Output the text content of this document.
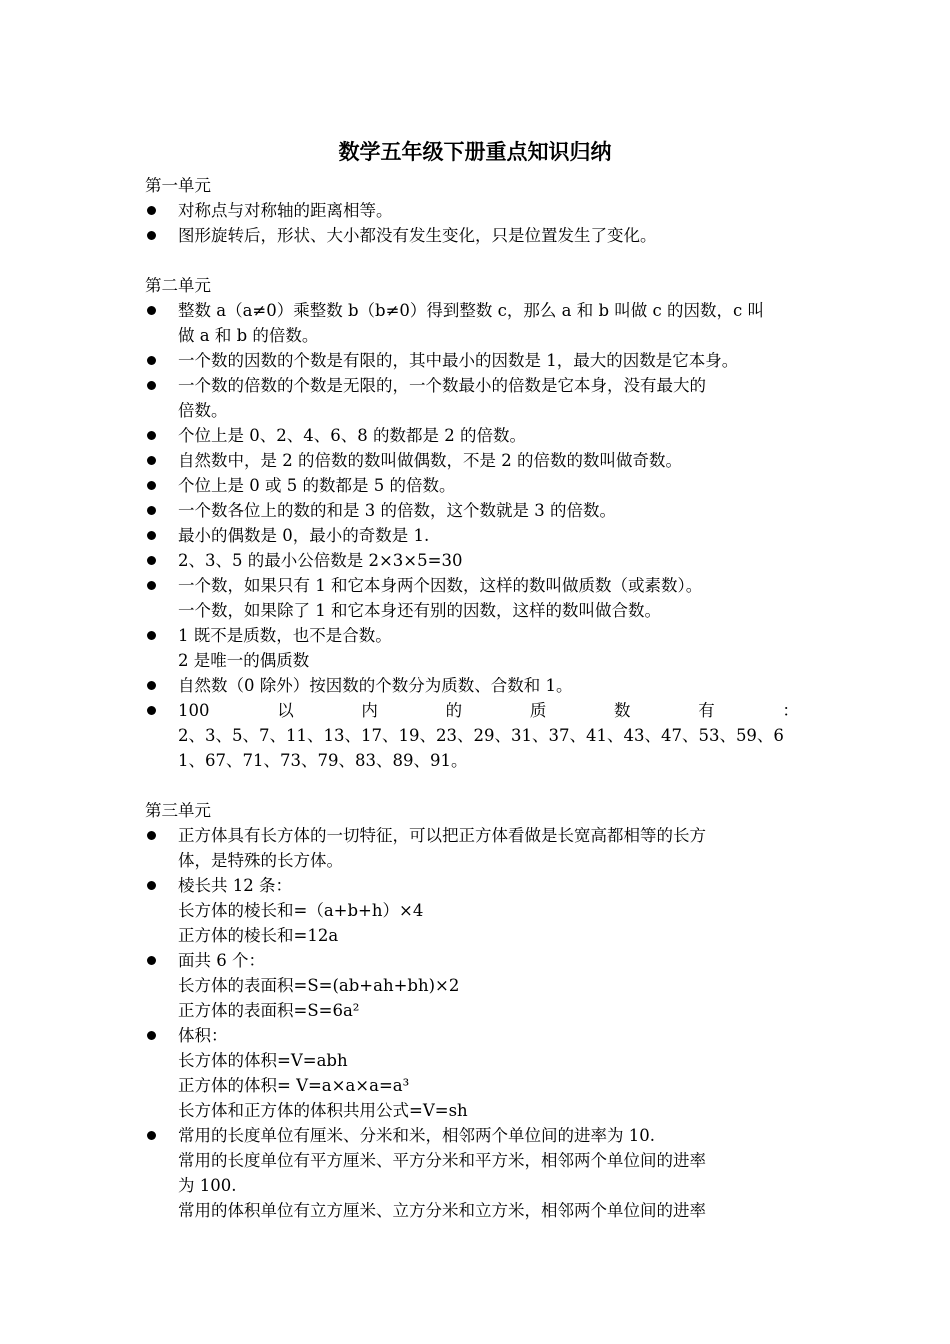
数学五年级下册重点知识归纳
第一单元
对称点与对称轴的距离相等。
图形旋转后，形状、大小都没有发生变化，只是位置发生了变化。
第二单元
整数 a（a≠0）乘整数 b（b≠0）得到整数 c，那么 a 和 b 叫做 c 的因数，c 叫
做 a 和 b 的倍数。
一个数的因数的个数是有限的，其中最小的因数是 1，最大的因数是它本身。
一个数的倍数的个数是无限的，一个数最小的倍数是它本身，没有最大的
倍数。
个位上是 0、2、4、6、8 的数都是 2 的倍数。
自然数中，是 2 的倍数的数叫做偶数，不是 2 的倍数的数叫做奇数。
个位上是 0 或 5 的数都是 5 的倍数。
一个数各位上的数的和是 3 的倍数，这个数就是 3 的倍数。
最小的偶数是 0，最小的奇数是 1.
2、3、5 的最小公倍数是 2×3×5=30
一个数，如果只有 1 和它本身两个因数，这样的数叫做质数（或素数）。
一个数，如果除了 1 和它本身还有别的因数，这样的数叫做合数。
1 既不是质数，也不是合数。
2 是唯一的偶质数
自然数（0 除外）按因数的个数分为质数、合数和 1。
100	以	内	的	质	数	有	：
2、3、5、7、11、13、17、19、23、29、31、37、41、43、47、53、59、6
1、67、71、73、79、83、89、91。
第三单元
正方体具有长方体的一切特征，可以把正方体看做是长宽高都相等的长方
体，是特殊的长方体。
棱长共 12 条：
长方体的棱长和=（a+b+h）×4
正方体的棱长和=12a
面共 6 个：
长方体的表面积=S=(ab+ah+bh)×2
正方体的表面积=S=6a²
体积：
长方体的体积=V=abh
正方体的体积= V=a×a×a=a³
长方体和正方体的体积共用公式=V=sh
常用的长度单位有厘米、分米和米，相邻两个单位间的进率为 10.
常用的长度单位有平方厘米、平方分米和平方米，相邻两个单位间的进率
为 100.
常用的体积单位有立方厘米、立方分米和立方米，相邻两个单位间的进率
